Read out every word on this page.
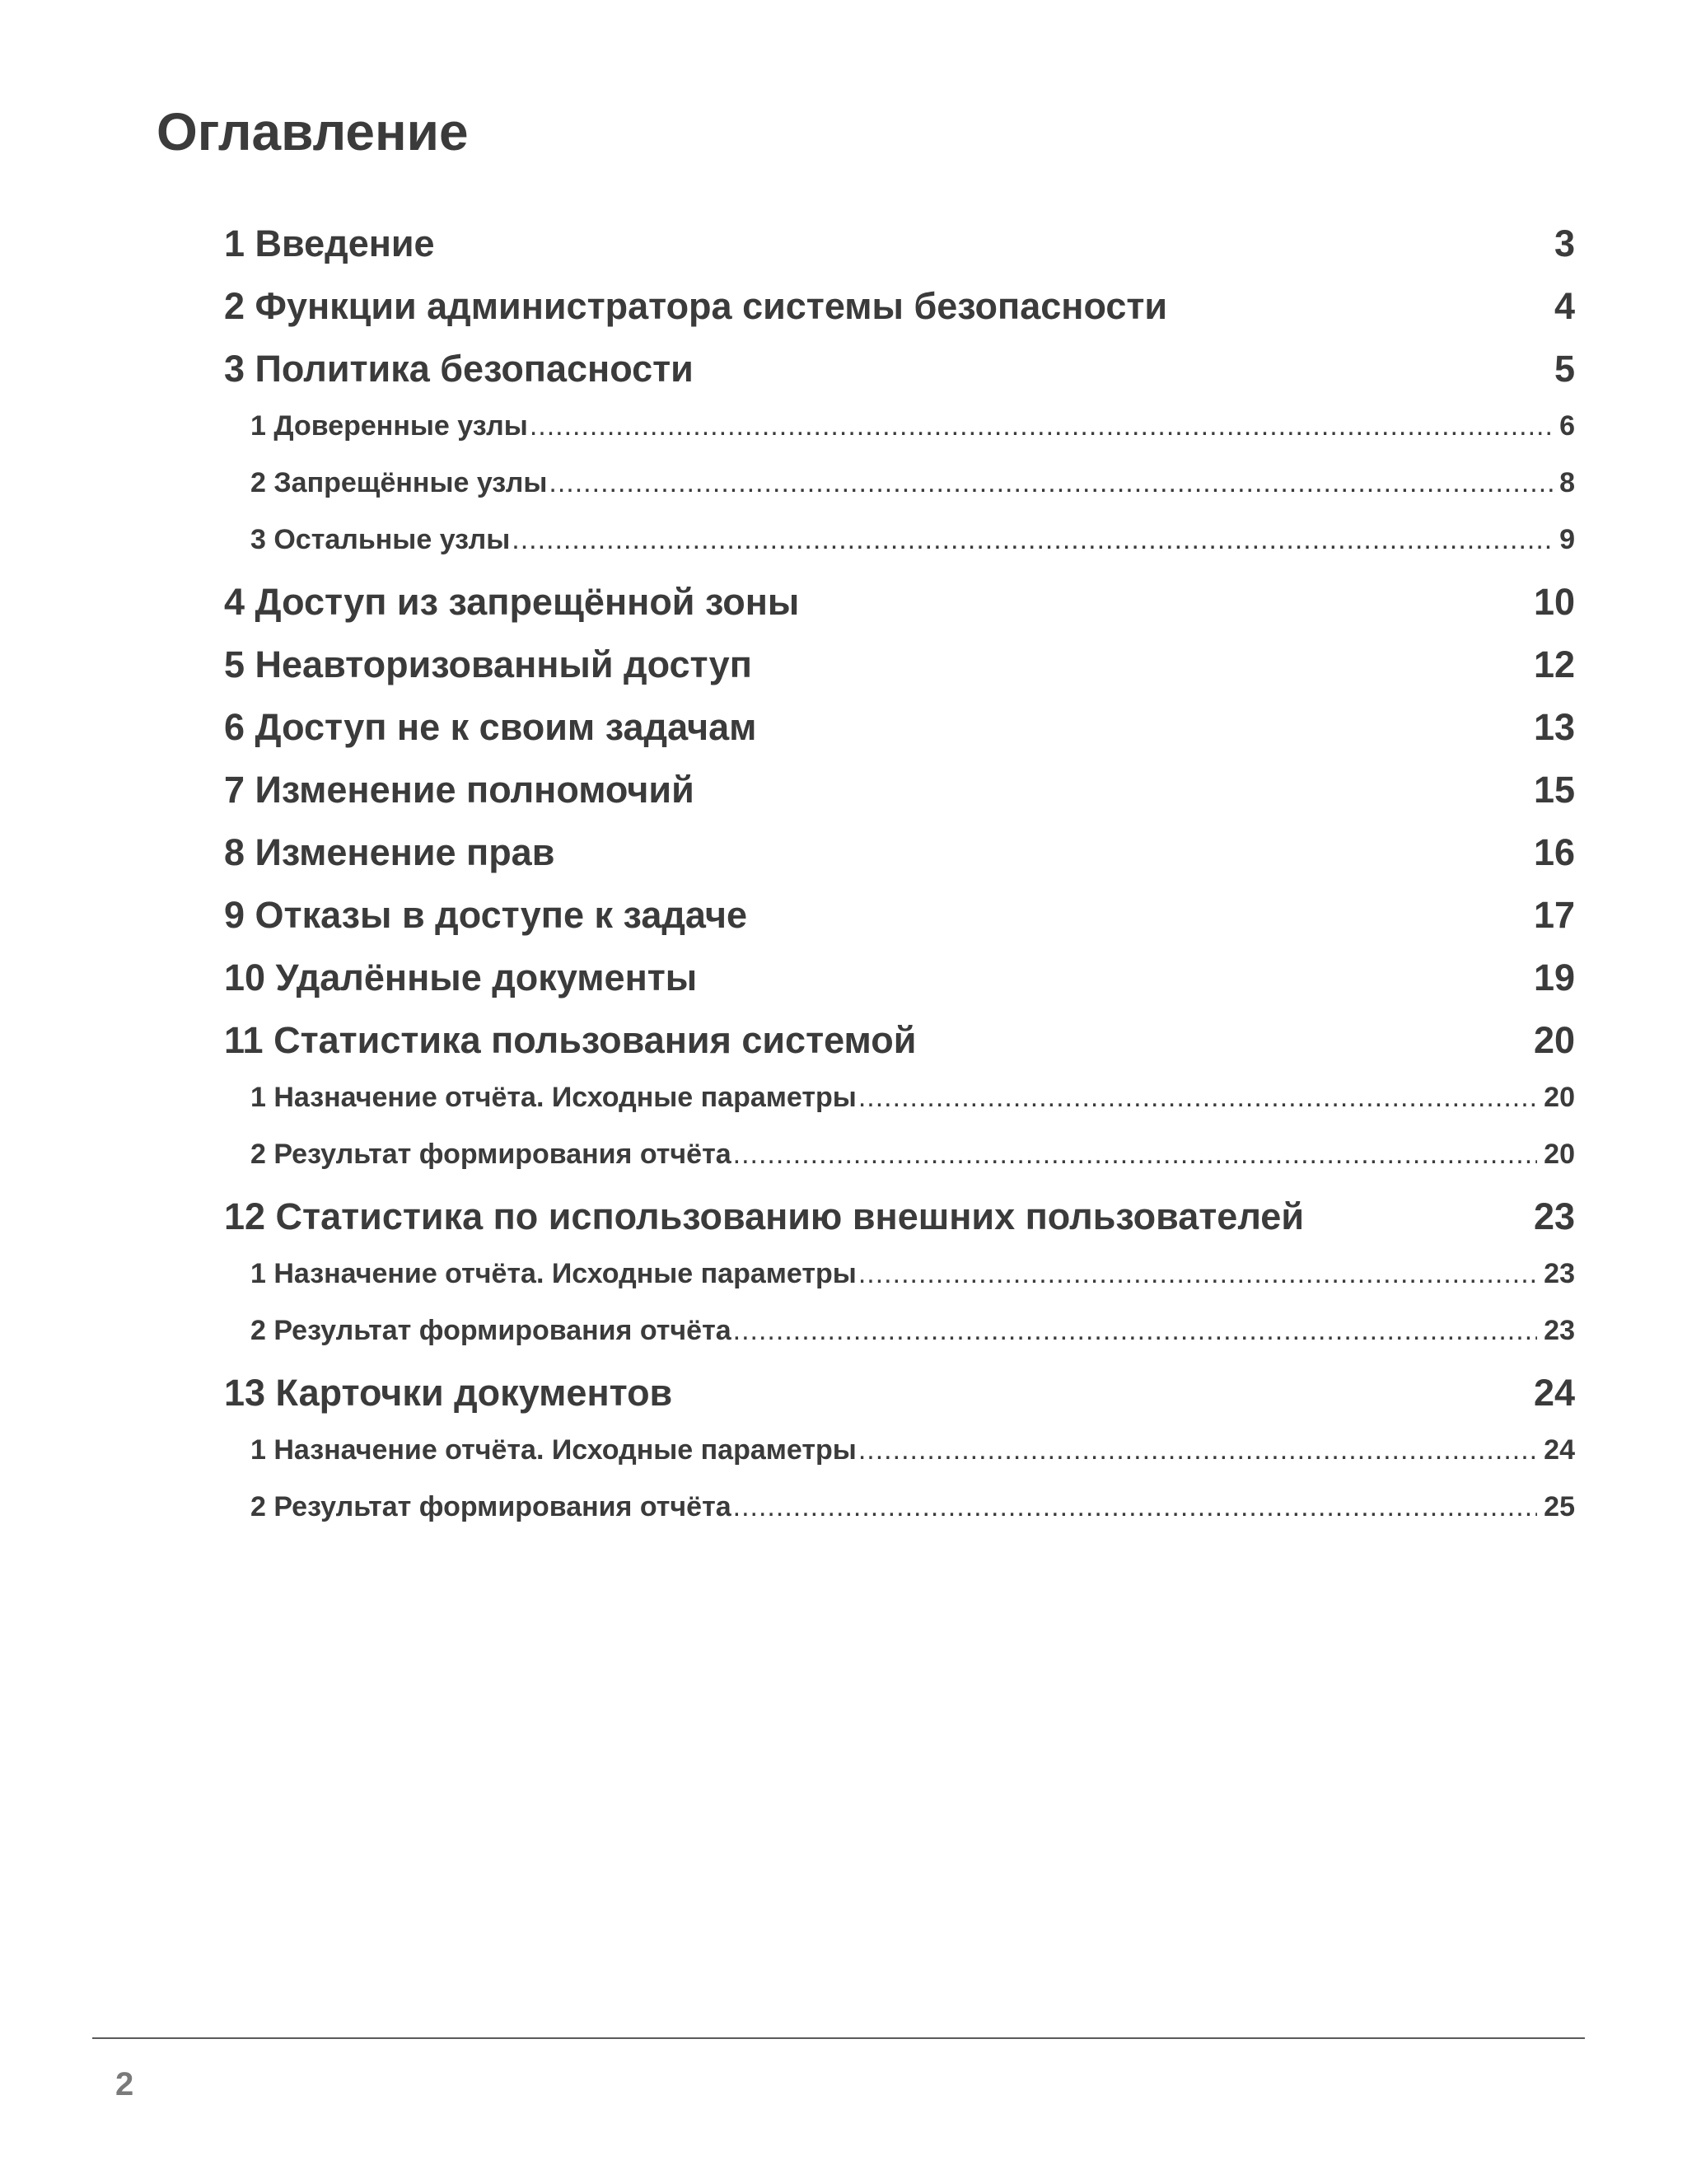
Оглавление
1 Введение	3
2 Функции администратора системы безопасности	4
3 Политика безопасности	5
1 Доверенные узлы .....	6
2 Запрещённые узлы .....	8
3 Остальные узлы .....	9
4 Доступ из запрещённой зоны	10
5 Неавторизованный доступ	12
6 Доступ не к своим задачам	13
7 Изменение полномочий	15
8 Изменение прав	16
9 Отказы в доступе к задаче	17
10 Удалённые документы	19
11 Статистика пользования системой	20
1 Назначение отчёта. Исходные параметры .....	20
2 Результат формирования отчёта .....	20
12 Статистика по использованию внешних пользователей	23
1 Назначение отчёта. Исходные параметры .....	23
2 Результат формирования отчёта .....	23
13 Карточки документов	24
1 Назначение отчёта. Исходные параметры .....	24
2 Результат формирования отчёта .....	25
2
